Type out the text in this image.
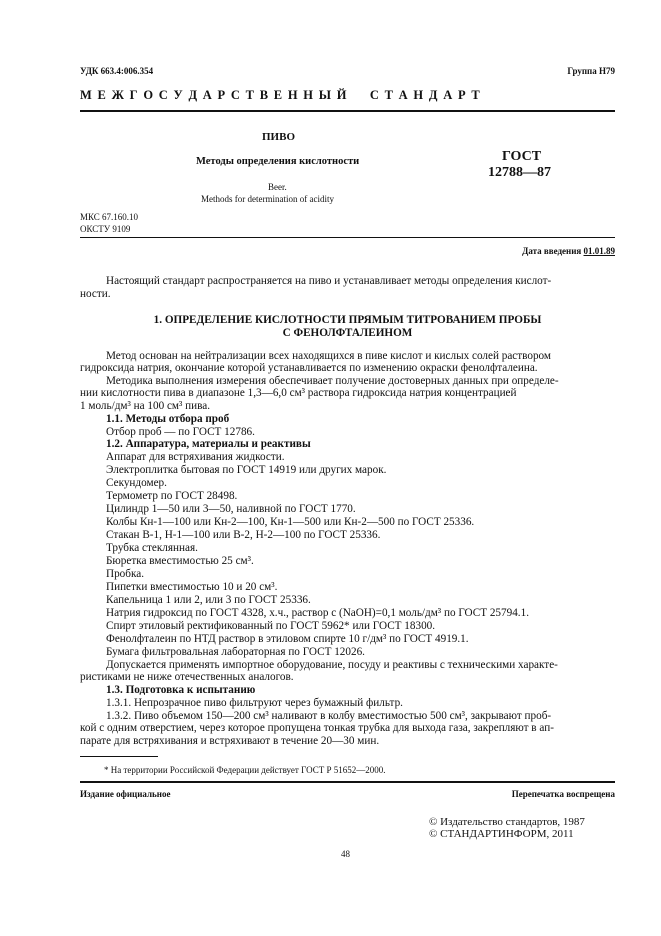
УДК 663.4:006.354	Группа Н79
М Е Ж Г О С У Д А Р С Т В Е Н Н Ы Й     С Т А Н Д А Р Т
ПИВО
Методы определения кислотности
Beer.
Methods for determination of acidity
ГОСТ
12788—87
МКС 67.160.10
ОКСТУ 9109
Дата введения 01.01.89
Настоящий стандарт распространяется на пиво и устанавливает методы определения кислот-
ности.
1. ОПРЕДЕЛЕНИЕ КИСЛОТНОСТИ ПРЯМЫМ ТИТРОВАНИЕМ ПРОБЫ
С ФЕНОЛФТАЛЕИНОМ
Метод основан на нейтрализации всех находящихся в пиве кислот и кислых солей раствором
гидроксида натрия, окончание которой устанавливается по изменению окраски фенолфталеина.
Методика выполнения измерения обеспечивает получение достоверных данных при определе-
нии кислотности пива в диапазоне 1,3—6,0 см³ раствора гидроксида натрия концентрацией
1 моль/дм³ на 100 см³ пива.
1.1. Методы отбора проб
Отбор проб — по ГОСТ 12786.
1.2. Аппаратура, материалы и реактивы
Аппарат для встряхивания жидкости.
Электроплитка бытовая по ГОСТ 14919 или других марок.
Секундомер.
Термометр по ГОСТ 28498.
Цилиндр 1—50 или 3—50, наливной по ГОСТ 1770.
Колбы Кн-1—100 или Кн-2—100, Кн-1—500 или Кн-2—500 по ГОСТ 25336.
Стакан В-1, Н-1—100 или В-2, Н-2—100 по ГОСТ 25336.
Трубка стеклянная.
Бюретка вместимостью 25 см³.
Пробка.
Пипетки вместимостью 10 и 20 см³.
Капельница 1 или 2, или 3 по ГОСТ 25336.
Натрия гидроксид по ГОСТ 4328, х.ч., раствор c (NaOH)=0,1 моль/дм³ по ГОСТ 25794.1.
Спирт этиловый ректификованный по ГОСТ 5962* или ГОСТ 18300.
Фенолфталеин по НТД раствор в этиловом спирте 10 г/дм³ по ГОСТ 4919.1.
Бумага фильтровальная лабораторная по ГОСТ 12026.
Допускается применять импортное оборудование, посуду и реактивы с техническими характе-
ристиками не ниже отечественных аналогов.
1.3. Подготовка к испытанию
1.3.1. Непрозрачное пиво фильтруют через бумажный фильтр.
1.3.2. Пиво объемом 150—200 см³ наливают в колбу вместимостью 500 см³, закрывают проб-
кой с одним отверстием, через которое пропущена тонкая трубка для выхода газа, закрепляют в ап-
парате для встряхивания и встряхивают в течение 20—30 мин.
* На территории Российской Федерации действует ГОСТ Р 51652—2000.
Издание официальное	Перепечатка воспрещена
© Издательство стандартов, 1987
© СТАНДАРТИНФОРМ, 2011
48
